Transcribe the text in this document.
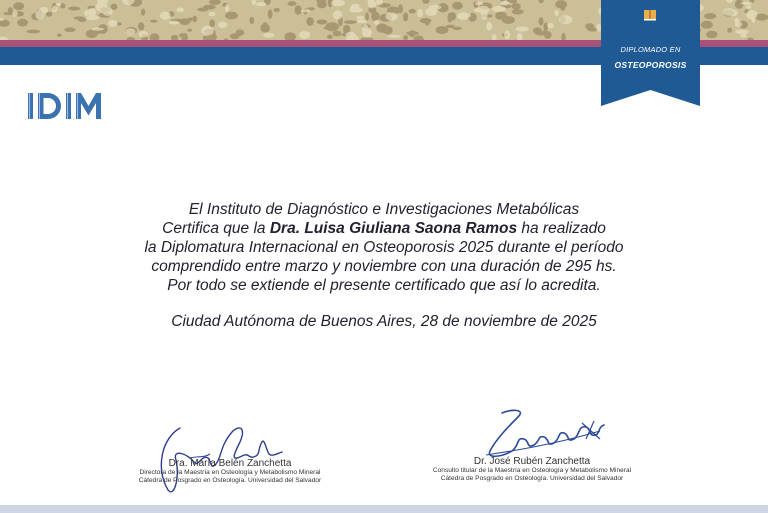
DIPLOMADO EN
OSTEOPOROSIS
El Instituto de Diagnóstico e Investigaciones Metabólicas
Certifica que la Dra. Luisa Giuliana Saona Ramos ha realizado
la Diplomatura Internacional en Osteoporosis 2025 durante el período
comprendido entre marzo y noviembre con una duración de 295 hs.
Por todo se extiende el presente certificado que así lo acredita.
Ciudad Autónoma de Buenos Aires, 28 de noviembre de 2025
Dra. María Belén Zanchetta
Directora de la Maestría en Osteología y Metabolismo Mineral
Cátedra de Posgrado en Osteología. Universidad del Salvador
Dr. José Rubén Zanchetta
Consulto titular de la Maestría en Osteología y Metabolismo Mineral
Cátedra de Posgrado en Osteología. Universidad del Salvador
